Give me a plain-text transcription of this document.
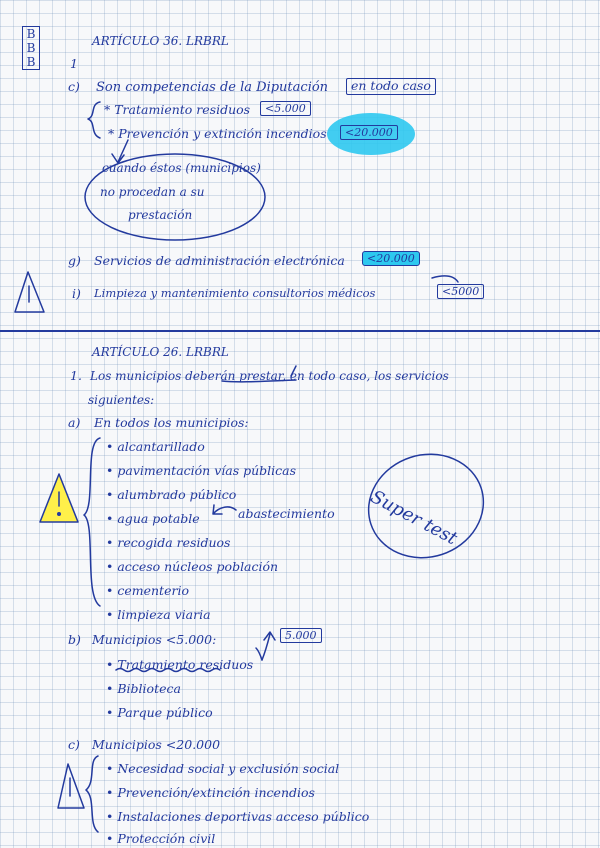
B
B
B
ARTÍCULO 36. LRBRL
1
c) Son competencias de la Diputación	en todo caso
* Tratamiento residuos	<5.000
* Prevención y extinción incendios	<20.000
cuando éstos (municipios)
no procedan a su
prestación
g) Servicios de administración electrónica	<20.000
i) Limpieza y mantenimiento consultorios médicos	<5000
ARTÍCULO 26. LRBRL
1. Los municipios deberán prestar, en todo caso, los servicios
siguientes:
a) En todos los municipios:
• alcantarillado
• pavimentación vías públicas
• alumbrado público
• agua potable	abastecimiento
• recogida residuos
• acceso núcleos población
• cementerio
• limpieza viaria
Super test
b) Municipios <5.000:	5.000
• Tratamiento residuos
• Biblioteca
• Parque público
c) Municipios <20.000
• Necesidad social y exclusión social
• Prevención/extinción incendios
• Instalaciones deportivas acceso público
• Protección civil
